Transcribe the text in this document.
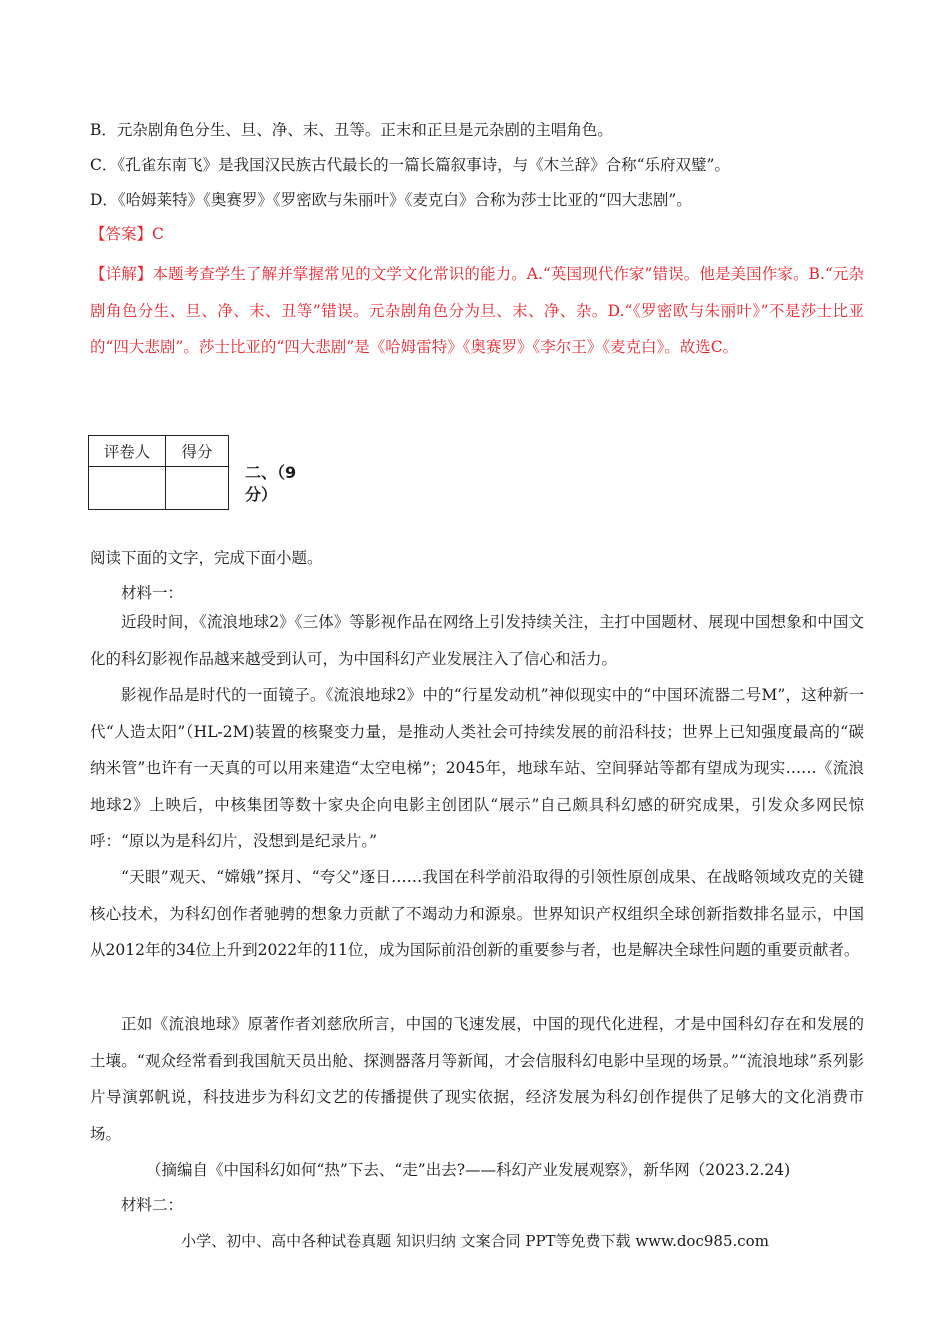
B．元杂剧角色分生、旦、净、末、丑等。正末和正旦是元杂剧的主唱角色。

C．《孔雀东南飞》是我国汉民族古代最长的一篇长篇叙事诗，与《木兰辞》合称“乐府双璧”。

D．《哈姆莱特》《奥赛罗》《罗密欧与朱丽叶》《麦克白》合称为莎士比亚的“四大悲剧”。

【答案】C

【详解】本题考查学生了解并掌握常见的文学文化常识的能力。A.“英国现代作家”错误。他是美国作家。B.“元杂剧角色分生、旦、净、末、丑等”错误。元杂剧角色分为旦、末、净、杂。D.“《罗密欧与朱丽叶》”不是莎士比亚的“四大悲剧”。莎士比亚的“四大悲剧”是《哈姆雷特》《奥赛罗》《李尔王》《麦克白》。故选C。

评卷人	得分

二、（9分）

阅读下面的文字，完成下面小题。

材料一：

近段时间，《流浪地球2》《三体》等影视作品在网络上引发持续关注，主打中国题材、展现中国想象和中国文化的科幻影视作品越来越受到认可，为中国科幻产业发展注入了信心和活力。

影视作品是时代的一面镜子。《流浪地球2》中的“行星发动机”神似现实中的“中国环流器二号M”，这种新一代“人造太阳”（HL-2M)装置的核聚变力量，是推动人类社会可持续发展的前沿科技；世界上已知强度最高的“碳纳米管”也许有一天真的可以用来建造“太空电梯”；2045年，地球车站、空间驿站等都有望成为现实……《流浪地球2》上映后，中核集团等数十家央企向电影主创团队“展示”自己颇具科幻感的研究成果，引发众多网民惊呼：“原以为是科幻片，没想到是纪录片。”

“天眼”观天、“嫦娥”探月、“夸父”逐日……我国在科学前沿取得的引领性原创成果、在战略领域攻克的关键核心技术，为科幻创作者驰骋的想象力贡献了不竭动力和源泉。世界知识产权组织全球创新指数排名显示，中国从2012年的34位上升到2022年的11位，成为国际前沿创新的重要参与者，也是解决全球性问题的重要贡献者。

正如《流浪地球》原著作者刘慈欣所言，中国的飞速发展，中国的现代化进程，才是中国科幻存在和发展的土壤。“观众经常看到我国航天员出舱、探测器落月等新闻，才会信服科幻电影中呈现的场景。”“流浪地球”系列影片导演郭帆说，科技进步为科幻文艺的传播提供了现实依据，经济发展为科幻创作提供了足够大的文化消费市场。

（摘编自《中国科幻如何“热”下去、“走”出去?——科幻产业发展观察》，新华网（2023.2.24)

材料二：

小学、初中、高中各种试卷真题 知识归纳 文案合同 PPT等免费下载 www.doc985.com
